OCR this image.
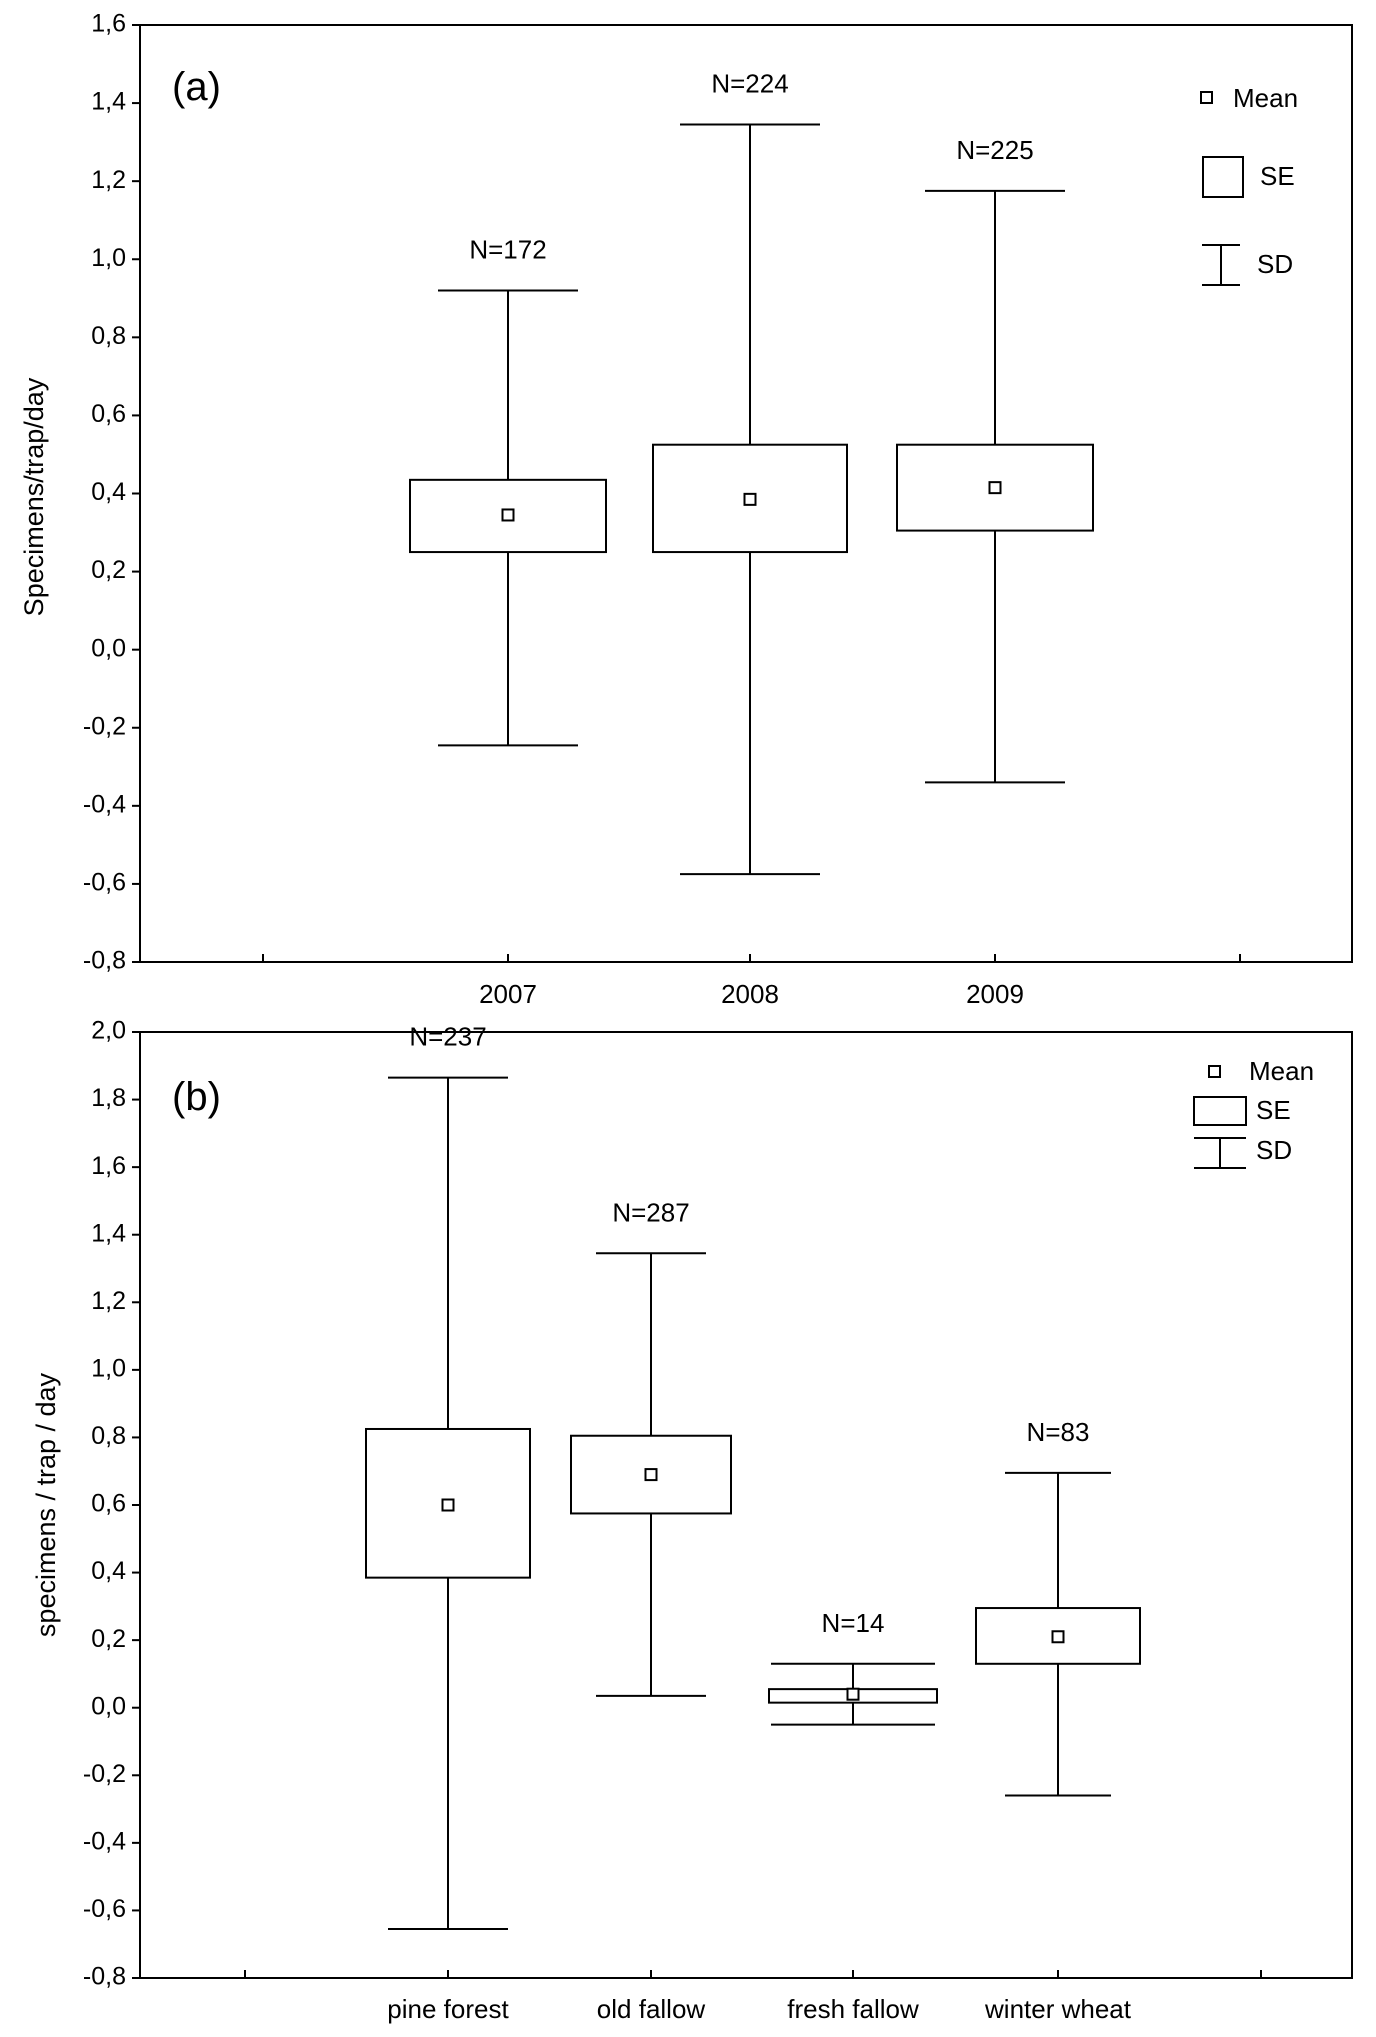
(a)
Specimens/trap/day
-0,8
-0,6
-0,4
-0,2
0,0
0,2
0,4
0,6
0,8
1,0
1,2
1,4
1,6
2007	2008	2009
N=172
N=224
N=225
Mean
SE
SD
(b)
specimens / trap / day
-0,8
-0,6
-0,4
-0,2
0,0
0,2
0,4
0,6
0,8
1,0
1,2
1,4
1,6
1,8
2,0
pine forest	old fallow	fresh fallow	winter wheat
N=237
N=287
N=14
N=83
Mean
SE
SD
